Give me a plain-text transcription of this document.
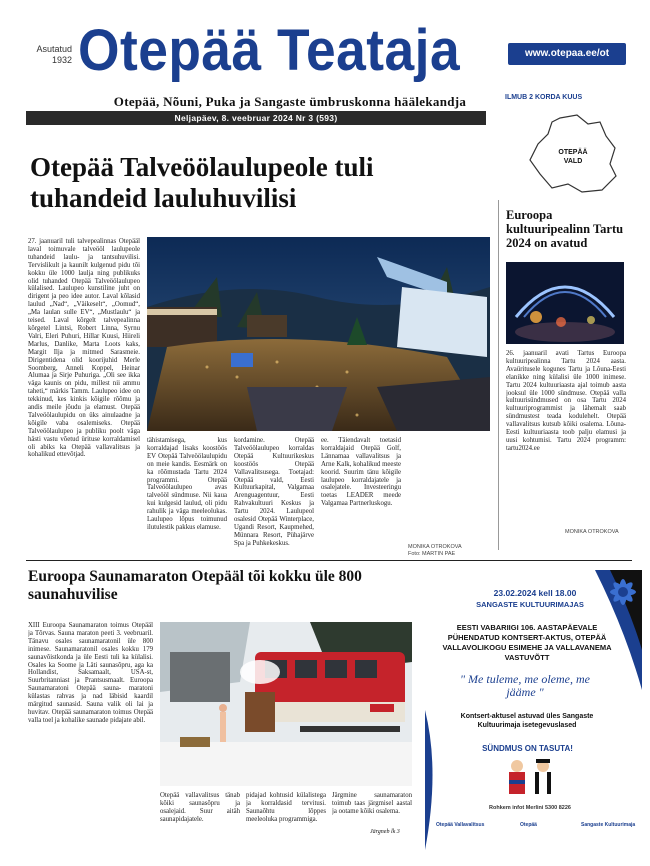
Asutatud
1932 Otepää Teataja	www.otepaa.ee/ot
Otepää, Nõuni, Puka ja Sangaste ümbruskonna häälekandja	ILMUB 2 KORDA KUUS
Neljapäev, 8. veebruar 2024 Nr 3 (593)
OTEPÄÄ
VALD
Otepää Talveöölaulupeole tuli tuhandeid lauluhuvilisi
27. jaanuaril tuli talvepealinnas Otepääl laval toimuvale talveööl laulupeole tuhandeid laulu- ja tantsuhuvilisi. Tervislikult ja kaunilt kulgenud pidu tõi kokku üle 1000 laulja ning publikuks olid tuhanded Otepää Talveöölaulupeo külalised. Laulupeo kunstiline juht on dirigent ja peo idee autor. Laval kõlasid laulud „Nad“, „Väikeselt“, „Oomud“, „Ma laulan sulle EV“, „Mustlaulu“ ja teised. Laval kõrgelt talvepealinna kõrgetel Lintsi, Robert Linna, Syrnu Valri, Eleri Puhuri, Hillar Kuusi, Hiireli Marlus, Danlike, Marta Loots kaks, Margit Ilja ja mitmed Sarasmeie. Dirigentidena olid koorijuhid Merle Soomberg, Anneli Koppel, Heinar Alumaa ja Sirje Puhuriga. „Oli see ikka väga kaunis on pidu, millest nii ammu taheti,“ märkis Tamm. Laulupeo idee on tekkinud, kes kinkis kõigile rõõmu ja andis meile jõudu ja elamust. Otepää Talveöölaulupidu on üks ainulaadne ja kõigile vaba osalemiseks. Otepää Talveöölaulupeo ja publiku poolt väga hästi vastu võetud ürituse korraldamisel oli abiks ka Otepää vallavalitsus ja kohalikud ettevõtjad.
tähistamisega, kus korraldajad lisaks koostöös EV Otepää Talveöölaulupidu on meie kandis. Eesmärk on ka rõõmustada Tartu 2024 programmi. Otepää Talveöölaulupeo avas talveööl sündmuse. Nii kaua kui kulgesid laulud, oli pidu rahulik ja väga meeleolukas. Laulupeo lõpus toimunud ilutulestik pakkus elamuse.
kordamine. Otepää Talveöölaulupeo korraldas Otepää Kultuurikeskus koostöös Otepää Vallavalitsusega. Toetajad: Otepää vald, Eesti Kultuurkapital, Valgamaa Arenguagentuur, Eesti Rahvakultuuri Keskus ja Tartu 2024. Laulupeol osalesid Otepää Winterplace, Ugandi Resort, Kaupmehed, Münnara Resort, Pühajärve Spa ja Puhkekeskus.
ee. Täiendavalt toetasid korraldajaid Otepää Golf, Lännamaa vallavalitsus ja Arne Kalk, kohalikud meeste koorid. Suurim tänu kõigile laulupeo korraldajatele ja osalejatele. Investeeringu toetas LEADER meede Valgamaa Partnerluskogu.
MONIKA OTROKOVA
Foto: MARTIN PAE
Euroopa kultuuripealinn Tartu 2024 on avatud
26. jaanuaril avati Tartus Euroopa kultuuripealinna Tartu 2024 aasta. Avaüritusele kogunes Tartu ja Lõuna-Eesti elanikke ning külalisi üle 1000 inimese. Tartu 2024 kultuuriaasta ajal toimub aasta jooksul üle 1000 sündmuse. Otepää valla kultuurisündmused on osa Tartu 2024 kultuuriprogrammist ja lähemalt saab sündmustest teada kodulehelt. Otepää vallavalitsus kutsub kõiki osalema. Lõuna-Eesti kultuuriaasta toob palju elamusi ja uusi kohtumisi. Tartu 2024 programm: tartu2024.ee
MONIKA OTROKOVA
Euroopa Saunamaraton Otepääl tõi kokku üle 800 saunahuvilise
XIII Euroopa Saunamaraton toimus Otepääl ja Tõrvas. Sauna maraton peeti 3. veebruaril. Tänavu osales saunamaratonil üle 800 inimese. Saunamaratonil osales kokku 179 saunavõistkonda ja üle Eesti tuli ka külalisi. Osales ka Soome ja Läti saunasõpru, aga ka Hollandist, Saksamaalt, USA-st, Suurbritanniast ja Prantsusmaalt. Euroopa Saunamaratoni Otepää sauna- maratoni külastas rahvas ja nad läbisid kaardil märgitud saunasid. Sauna valik oli lai ja huvitav. Otepää saunamaraton toimus Otepää valla toel ja kohalike saunade pidajate abil.
Otepää vallavalitsus tänab kõiki saunasõpru ja osalejaid. Suur aitäh saunapidajatele.
pidajad kohtusid külalistega ja korraldasid tervitusi. Saunaõhtu lõppes meeleoluka programmiga.
Järgmine saunamaraton toimub taas järgmisel aastal ja ootame kõiki osalema.
Järgneb lk 3
23.02.2024 kell 18.00
SANGASTE KULTUURIMAJAS
EESTI VABARIIGI 106. AASTAPÄEVALE PÜHENDATUD KONTSERT-AKTUS, OTEPÄÄ VALLAVOLIKOGU ESIMEHE JA VALLAVANEMA VASTUVÕTT
" Me tuleme, me oleme, me jääme "
Kontsert-aktusel astuvad üles Sangaste Kultuurimaja isetegevuslased
SÜNDMUS ON TASUTA!
Rohkem infot Merlini 5300 8226
Otepää Vallavalitsus	Otepää	Sangaste Kultuurimaja
